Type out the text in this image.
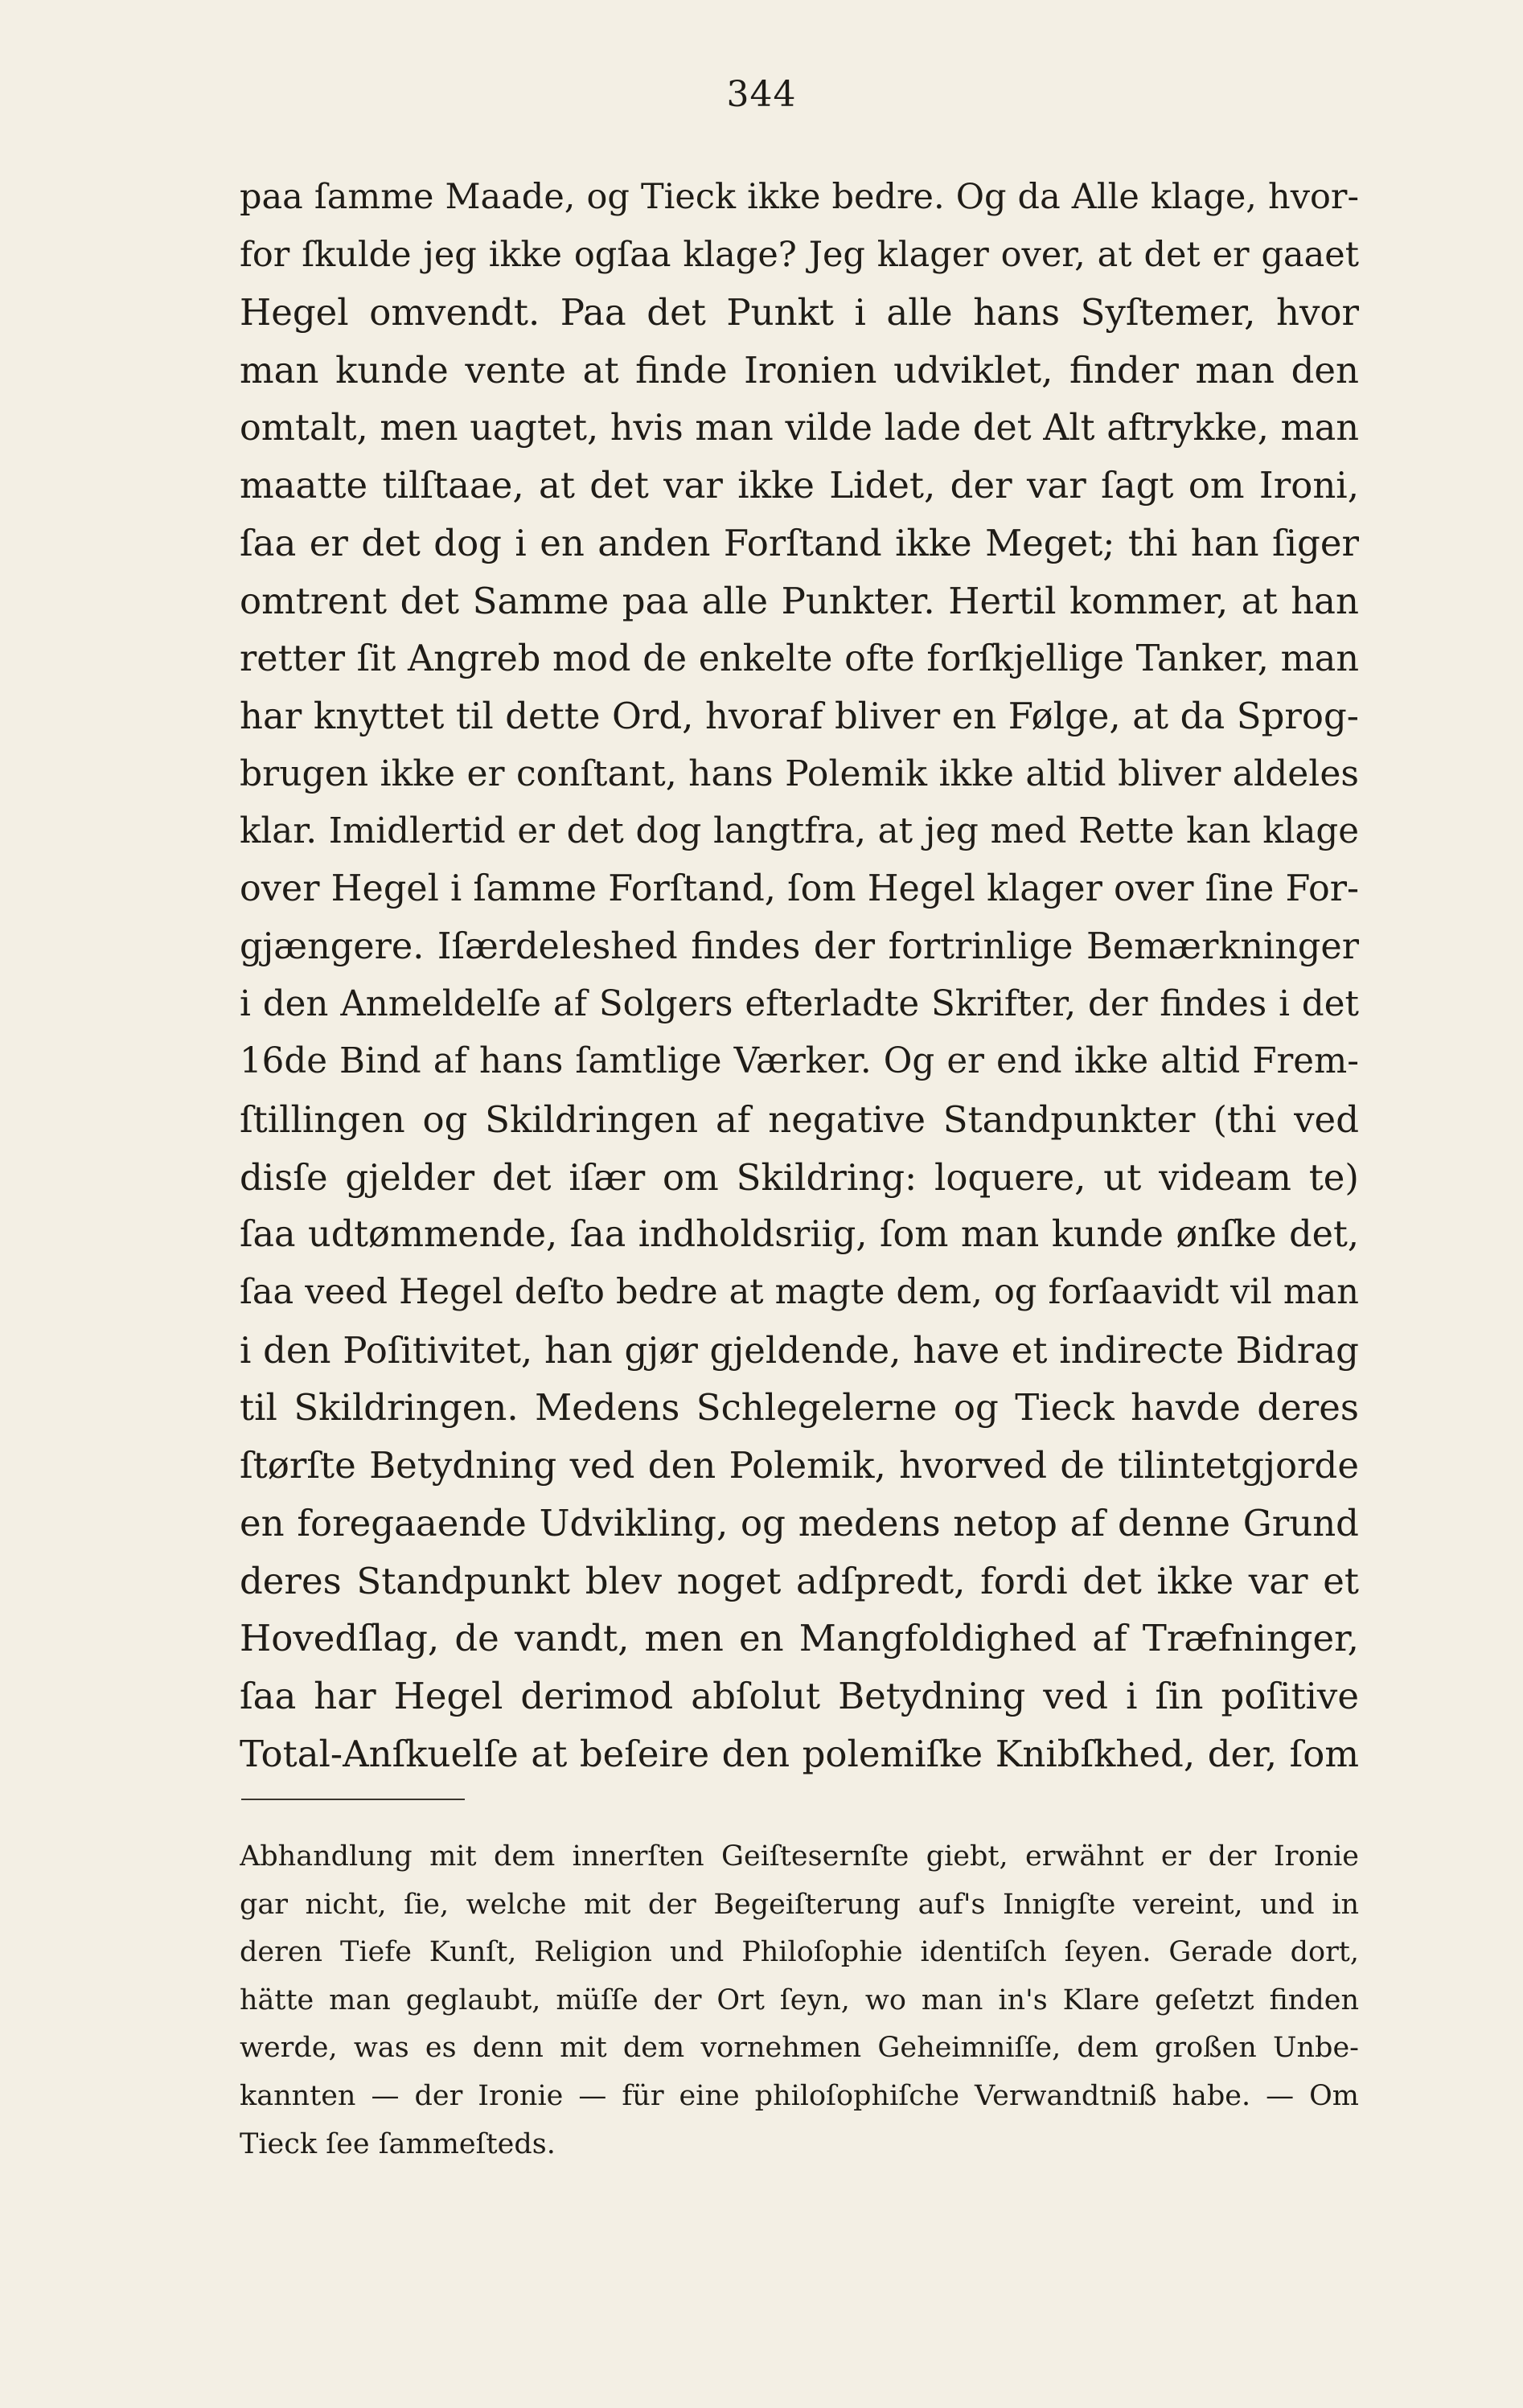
344
paa ſamme Maade, og Tieck ikke bedre. Og da Alle klage, hvor-
for ſkulde jeg ikke ogſaa klage? Jeg klager over, at det er gaaet
Hegel omvendt. Paa det Punkt i alle hans Syſtemer, hvor
man kunde vente at finde Ironien udviklet, finder man den
omtalt, men uagtet, hvis man vilde lade det Alt aftrykke, man
maatte tilſtaae, at det var ikke Lidet, der var ſagt om Ironi,
ſaa er det dog i en anden Forſtand ikke Meget; thi han ſiger
omtrent det Samme paa alle Punkter. Hertil kommer, at han
retter ſit Angreb mod de enkelte ofte forſkjellige Tanker, man
har knyttet til dette Ord, hvoraf bliver en Følge, at da Sprog-
brugen ikke er conſtant, hans Polemik ikke altid bliver aldeles
klar. Imidlertid er det dog langtfra, at jeg med Rette kan klage
over Hegel i ſamme Forſtand, ſom Hegel klager over ſine For-
gjængere. Iſærdeleshed findes der fortrinlige Bemærkninger
i den Anmeldelſe af Solgers efterladte Skrifter, der findes i det
16de Bind af hans ſamtlige Værker. Og er end ikke altid Frem-
ſtillingen og Skildringen af negative Standpunkter (thi ved
disſe gjelder det iſær om Skildring: loquere, ut videam te)
ſaa udtømmende, ſaa indholdsriig, ſom man kunde ønſke det,
ſaa veed Hegel deſto bedre at magte dem, og forſaavidt vil man
i den Poſitivitet, han gjør gjeldende, have et indirecte Bidrag
til Skildringen. Medens Schlegelerne og Tieck havde deres
ſtørſte Betydning ved den Polemik, hvorved de tilintetgjorde
en foregaaende Udvikling, og medens netop af denne Grund
deres Standpunkt blev noget adſpredt, fordi det ikke var et
Hovedſlag, de vandt, men en Mangfoldighed af Træfninger,
ſaa har Hegel derimod abſolut Betydning ved i ſin poſitive
Total-Anſkuelſe at beſeire den polemiſke Knibſkhed, der, ſom
Abhandlung mit dem innerſten Geiſtesernſte giebt, erwähnt er der Ironie
gar nicht, ſie, welche mit der Begeiſterung auf's Innigſte vereint, und in
deren Tiefe Kunſt, Religion und Philoſophie identiſch ſeyen. Gerade dort,
hätte man geglaubt, müſſe der Ort ſeyn, wo man in's Klare geſetzt finden
werde, was es denn mit dem vornehmen Geheimniſſe, dem großen Unbe-
kannten — der Ironie — für eine philoſophiſche Verwandtniß habe. — Om
Tieck ſee ſammeſteds.
